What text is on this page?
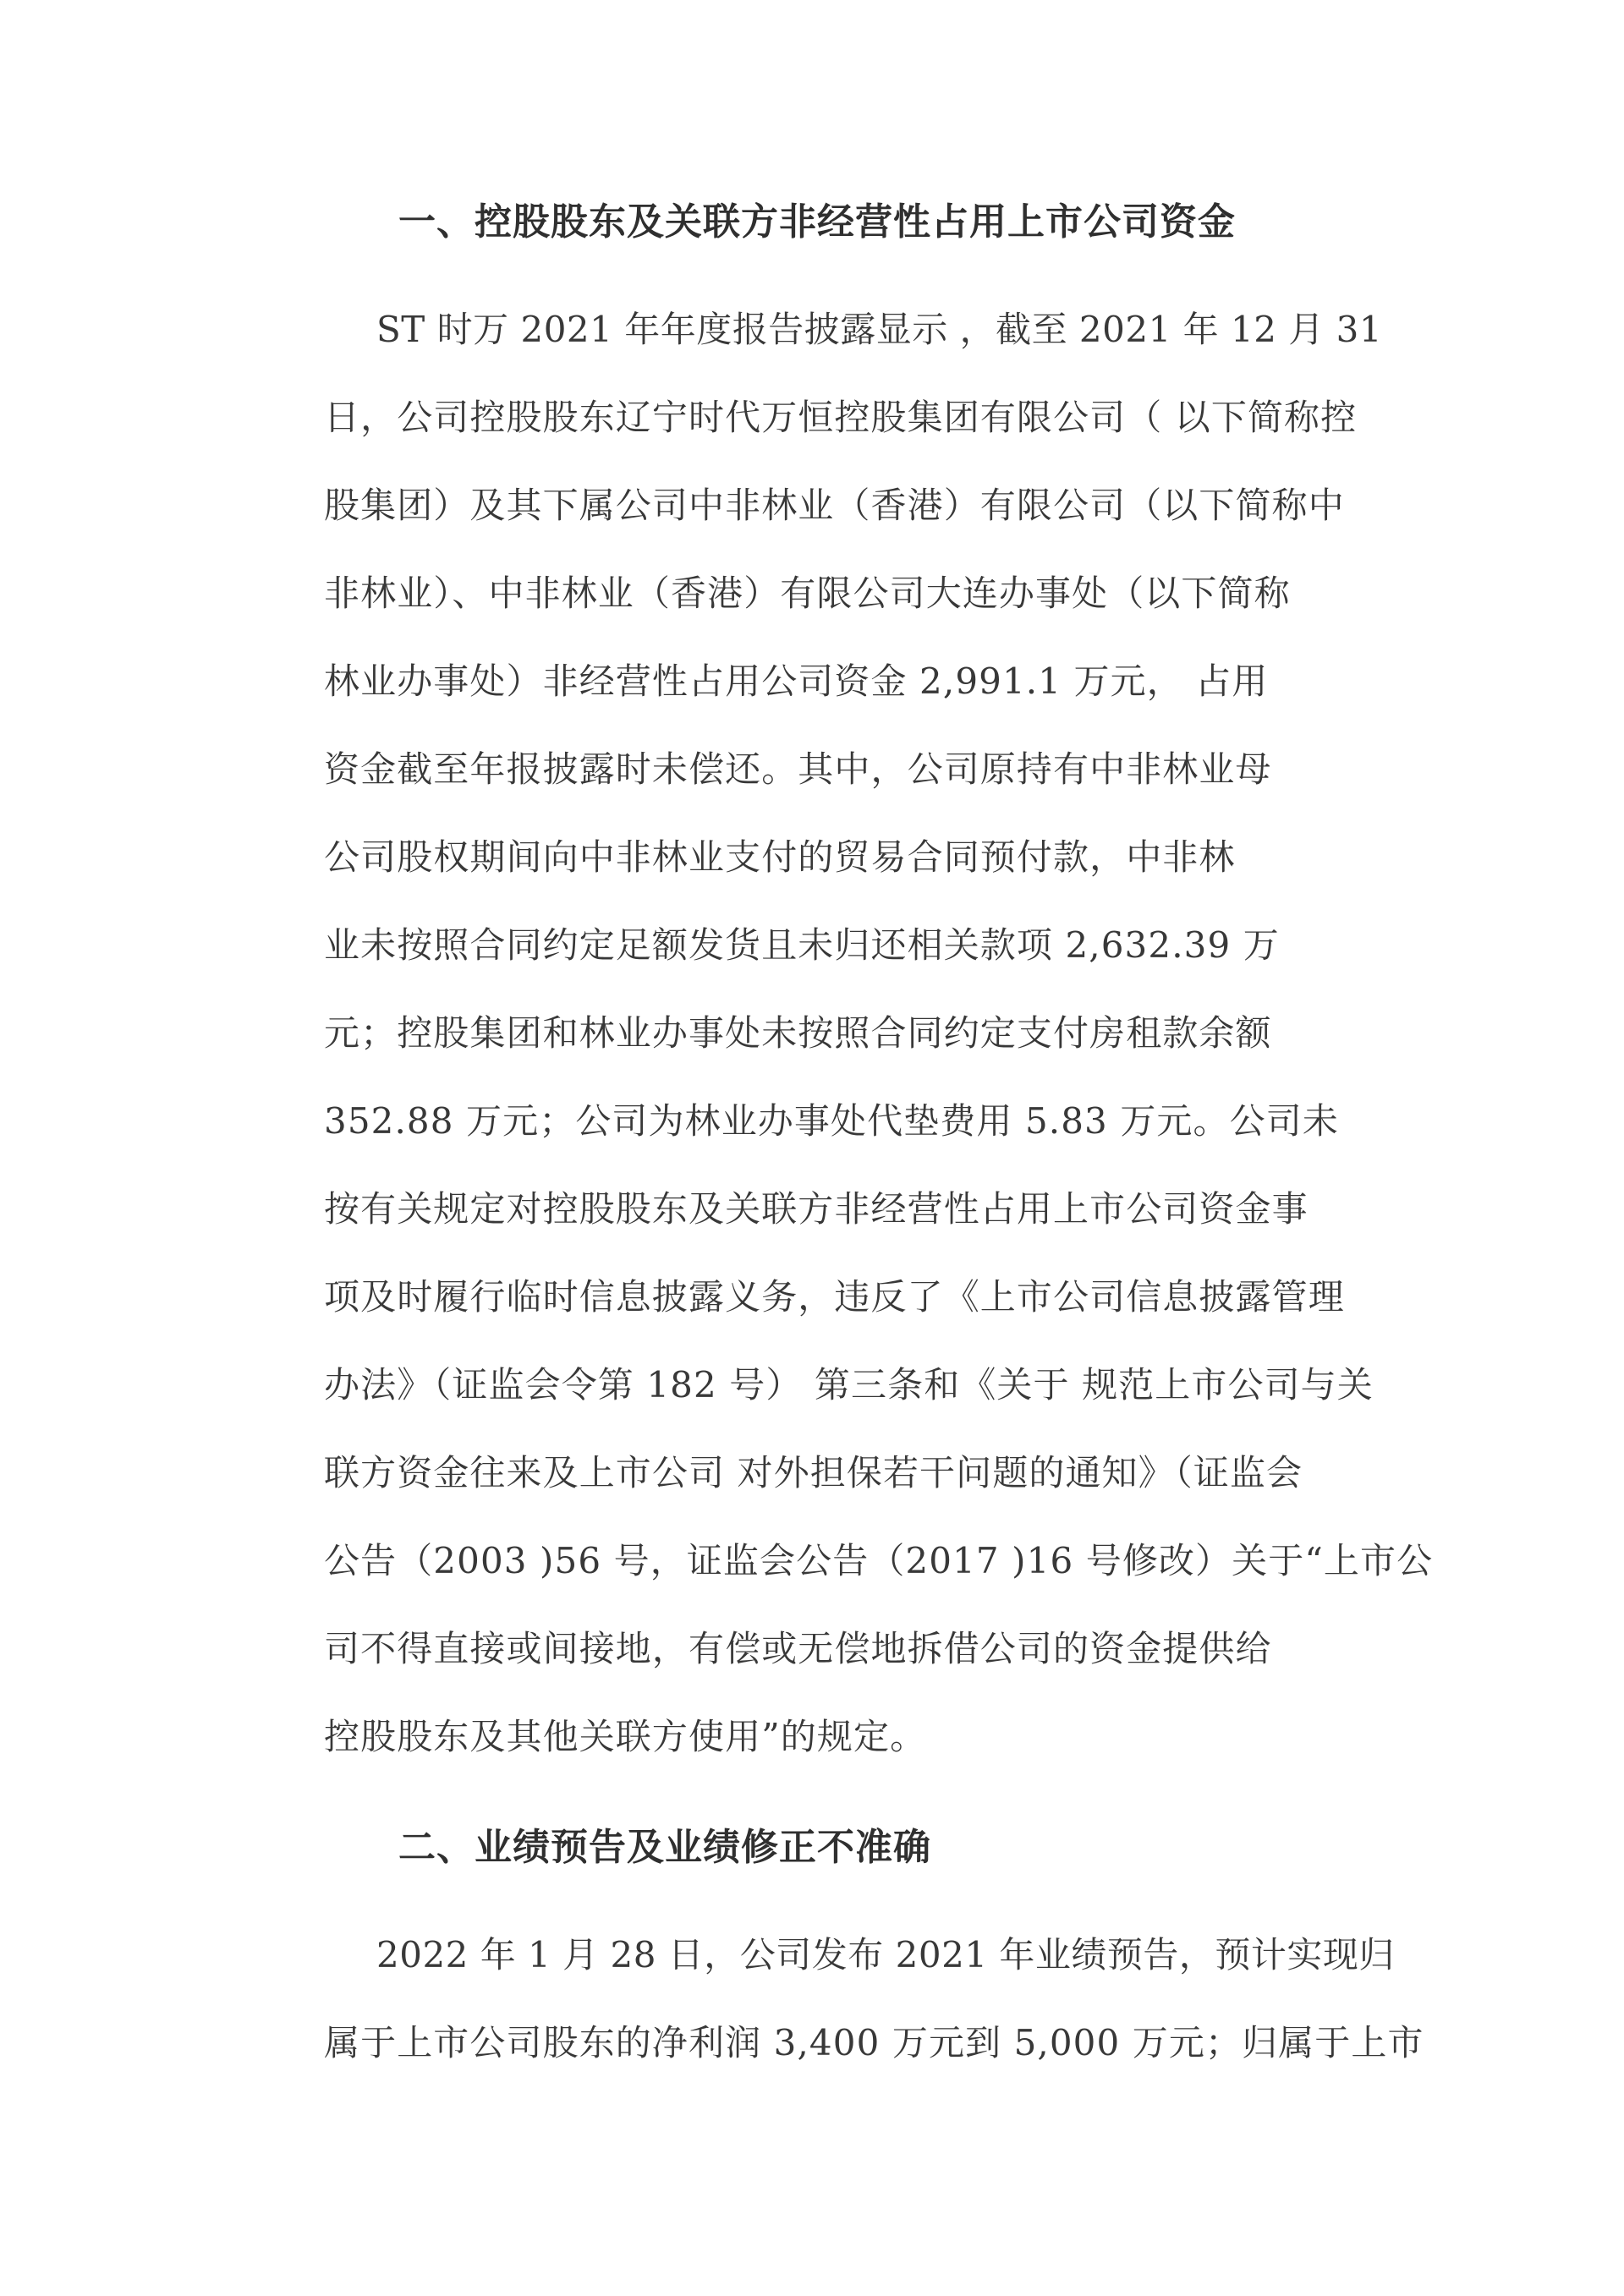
一、控股股东及关联方非经营性占用上市公司资金

ST 时万 2021 年年度报告披露显示 ，截至 2021 年 12 月 31
日，公司控股股东辽宁时代万恒控股集团有限公司（ 以下简称控
股集团）及其下属公司中非林业（香港）有限公司（以下简称中
非林业）、中非林业（香港）有限公司大连办事处（以下简称
林业办事处）非经营性占用公司资金 2,991.1 万元， 占用
资金截至年报披露时未偿还。其中，公司原持有中非林业母
公司股权期间向中非林业支付的贸易合同预付款，中非林
业未按照合同约定足额发货且未归还相关款项 2,632.39 万
元；控股集团和林业办事处未按照合同约定支付房租款余额
352.88 万元；公司为林业办事处代垫费用 5.83 万元。公司未
按有关规定对控股股东及关联方非经营性占用上市公司资金事
项及时履行临时信息披露义务，违反了《上市公司信息披露管理
办法》（证监会令第 182 号） 第三条和《关于 规范上市公司与关
联方资金往来及上市公司 对外担保若干问题的通知》（证监会
公告（2003 )56 号，证监会公告（2017 )16 号修改）关于“上市公
司不得直接或间接地，有偿或无偿地拆借公司的资金提供给
控股股东及其他关联方使用”的规定。

二、业绩预告及业绩修正不准确

2022 年 1 月 28 日，公司发布 2021 年业绩预告，预计实现归
属于上市公司股东的净利润 3,400 万元到 5,000 万元；归属于上市
